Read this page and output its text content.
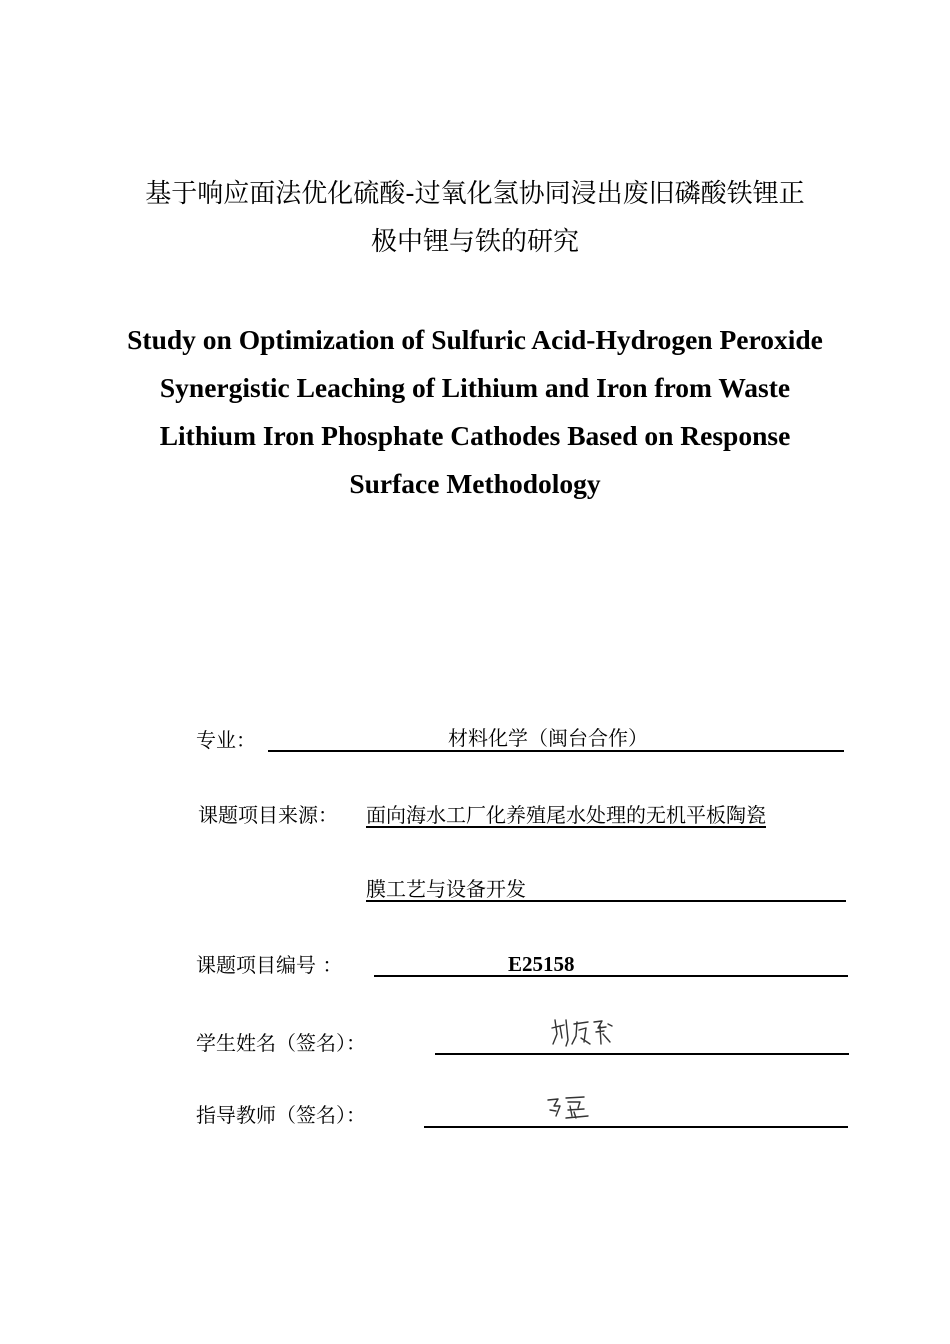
基于响应面法优化硫酸-过氧化氢协同浸出废旧磷酸铁锂正
极中锂与铁的研究
Study on Optimization of Sulfuric Acid-Hydrogen Peroxide
Synergistic Leaching of Lithium and Iron from Waste
Lithium Iron Phosphate Cathodes Based on Response
Surface Methodology
专业：	材料化学（闽台合作）
课题项目来源： 面向海水工厂化养殖尾水处理的无机平板陶瓷
膜工艺与设备开发
课题项目编号 ：	E25158
学生姓名（签名）：
指导教师（签名）：
